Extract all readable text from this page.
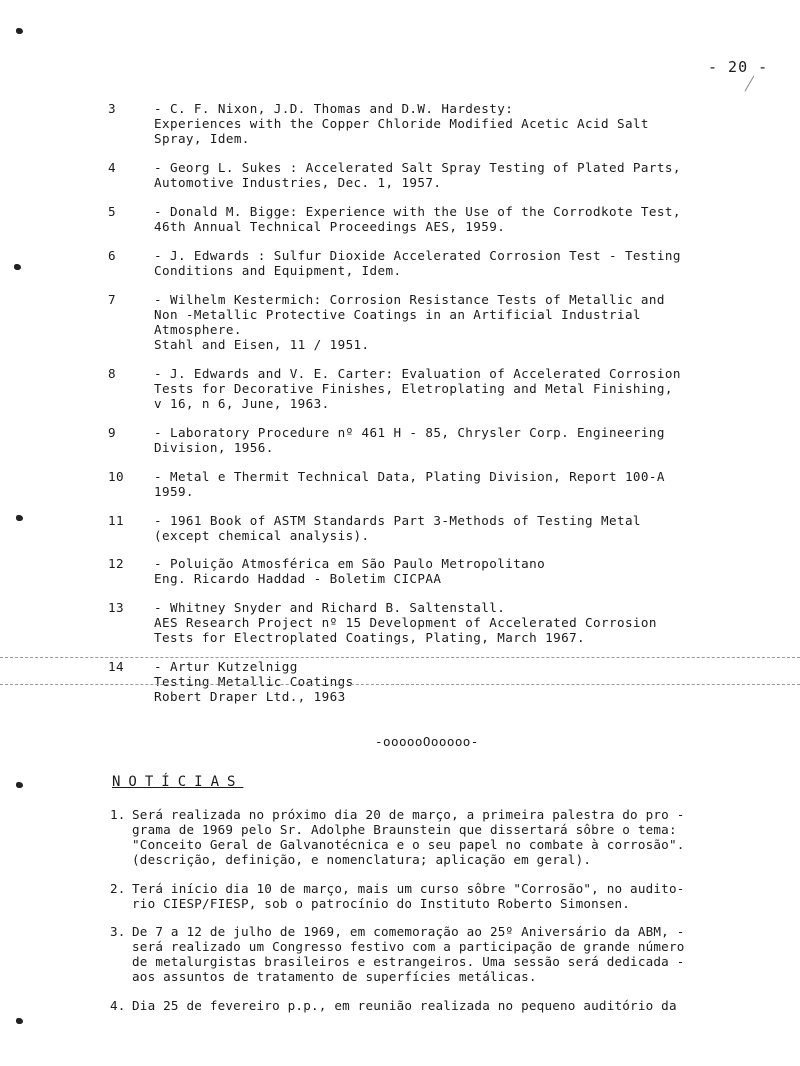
- 20 -
3	- C. F. Nixon, J.D. Thomas and D.W. Hardesty:
Experiences with the Copper Chloride Modified Acetic Acid Salt
Spray, Idem.
4	- Georg L. Sukes : Accelerated Salt Spray Testing of Plated Parts,
Automotive Industries, Dec. 1, 1957.
5	- Donald M. Bigge: Experience with the Use of the Corrodkote Test,
46th Annual Technical Proceedings AES, 1959.
6	- J. Edwards : Sulfur Dioxide Accelerated Corrosion Test - Testing
Conditions and Equipment, Idem.
7	- Wilhelm Kestermich: Corrosion Resistance Tests of Metallic and
Non -Metallic Protective Coatings in an Artificial Industrial
Atmosphere.
Stahl and Eisen, 11 / 1951.
8	- J. Edwards and V. E. Carter: Evaluation of Accelerated Corrosion
Tests for Decorative Finishes, Eletroplating and Metal Finishing,
v 16, n 6, June, 1963.
9	- Laboratory Procedure nº 461 H - 85, Chrysler Corp. Engineering
Division, 1956.
10 - Metal e Thermit Technical Data, Plating Division, Report 100-A
1959.
11 - 1961 Book of ASTM Standards Part 3-Methods of Testing Metal
(except chemical analysis).
12 - Poluição Atmosférica em São Paulo Metropolitano
Eng. Ricardo Haddad - Boletim CICPAA
13 - Whitney Snyder and Richard B. Saltenstall.
AES Research Project nº 15 Development of Accelerated Corrosion
Tests for Electroplated Coatings, Plating, March 1967.
14 - Artur Kutzelnigg
Testing Metallic Coatings
Robert Draper Ltd., 1963
-oooooOooooo-
NOTÍCIAS
1. Será realizada no próximo dia 20 de março, a primeira palestra do pro -
grama de 1969 pelo Sr. Adolphe Braunstein que dissertará sôbre o tema:
"Conceito Geral de Galvanotécnica e o seu papel no combate à corrosão".
(descrição, definição, e nomenclatura; aplicação em geral).
2. Terá início dia 10 de março, mais um curso sôbre "Corrosão", no audito-
rio CIESP/FIESP, sob o patrocínio do Instituto Roberto Simonsen.
3. De 7 a 12 de julho de 1969, em comemoração ao 25º Aniversário da ABM, -
será realizado um Congresso festivo com a participação de grande número
de metalurgistas brasileiros e estrangeiros. Uma sessão será dedicada -
aos assuntos de tratamento de superfícies metálicas.
4. Dia 25 de fevereiro p.p., em reunião realizada no pequeno auditório da
